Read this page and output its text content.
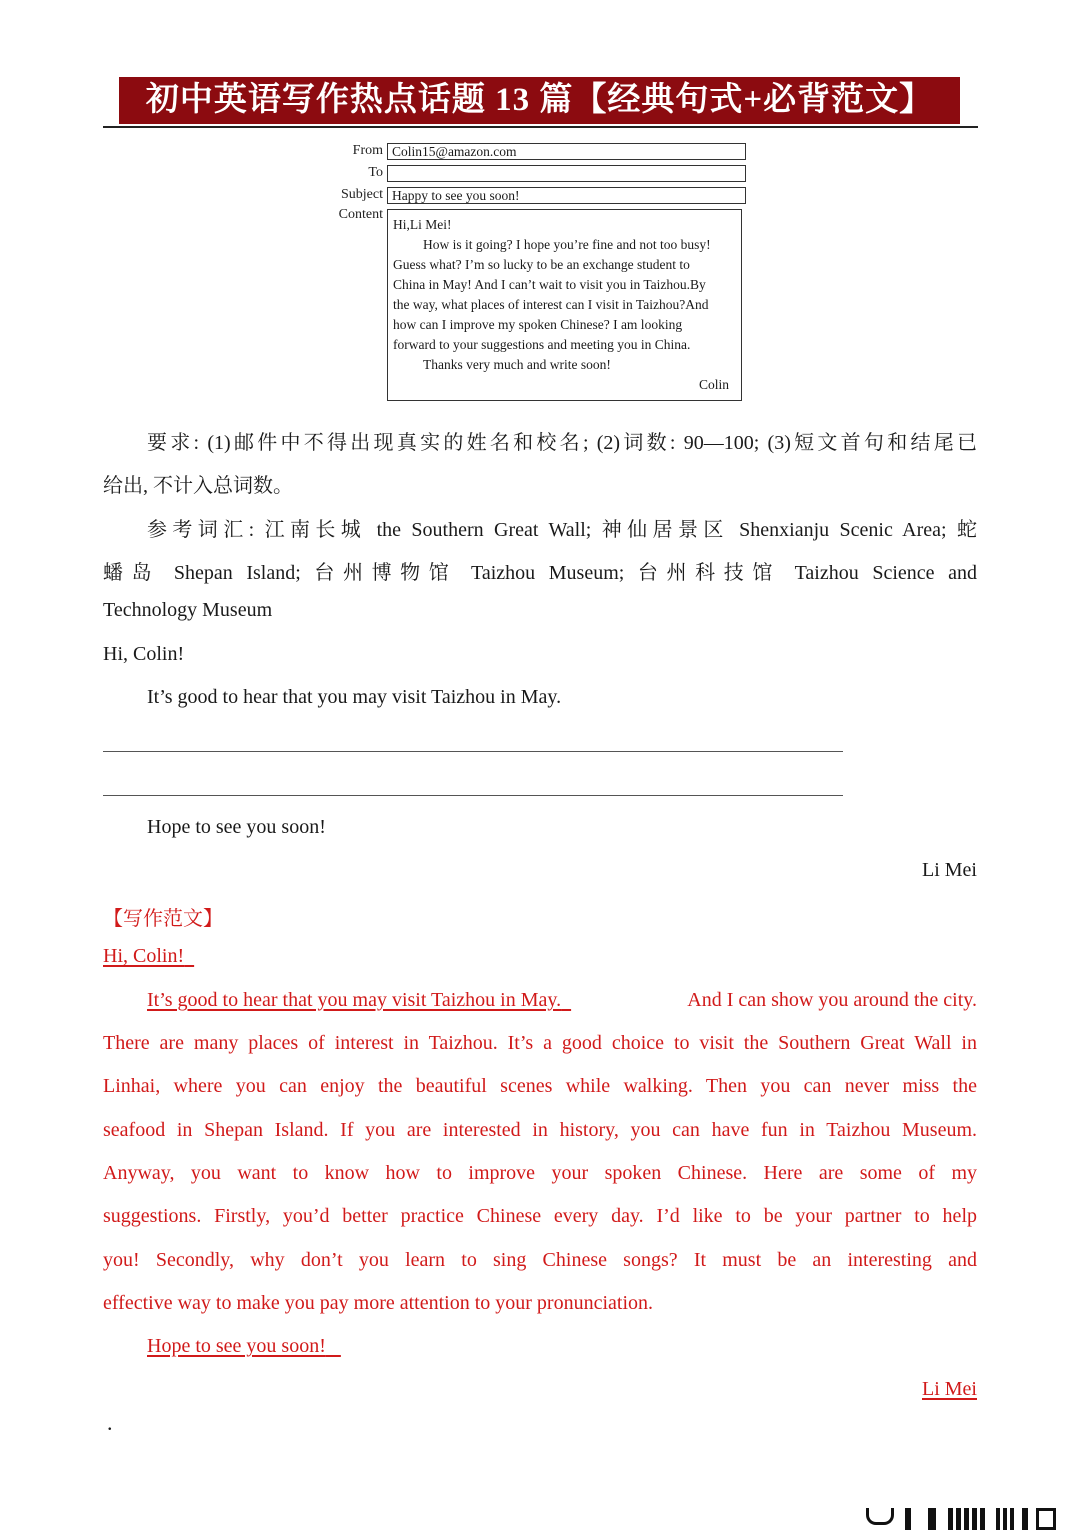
初中英语写作热点话题 13 篇【经典句式+必背范文】
From Colin15@amazon.com
To
Subject Happy to see you soon!
Content
Hi,Li Mei!
How is it going? I hope you’re fine and not too busy!
Guess what? I’m so lucky to be an exchange student to
China in May! And I can’t wait to visit you in Taizhou.By
the way, what places of interest can I visit in Taizhou?And
how can I improve my spoken Chinese? I am looking
forward to your suggestions and meeting you in China.
Thanks very much and write soon!
Colin
要求: (1)邮件中不得出现真实的姓名和校名; (2)词数: 90—100; (3)短文首句和结尾已
给出, 不计入总词数。
参考词汇: 江南长城 the Southern Great Wall; 神仙居景区 Shenxianju Scenic Area; 蛇
蟠岛 Shepan Island; 台州博物馆 Taizhou Museum; 台州科技馆 Taizhou Science and
Technology Museum
Hi, Colin!
It’s good to hear that you may visit Taizhou in May.
Hope to see you soon!
Li Mei
【写作范文】
Hi, Colin!
It’s good to hear that you may visit Taizhou in May.	And I can show you around the city.
There are many places of interest in Taizhou. It’s a good choice to visit the Southern Great Wall in
Linhai, where you can enjoy the beautiful scenes while walking. Then you can never miss the
seafood in Shepan Island. If you are interested in history, you can have fun in Taizhou Museum.
Anyway, you want to know how to improve your spoken Chinese. Here are some of my
suggestions. Firstly, you’d better practice Chinese every day. I’d like to be your partner to help
you! Secondly, why don’t you learn to sing Chinese songs? It must be an interesting and
effective way to make you pay more attention to your pronunciation.
Hope to see you soon!
Li Mei
.
